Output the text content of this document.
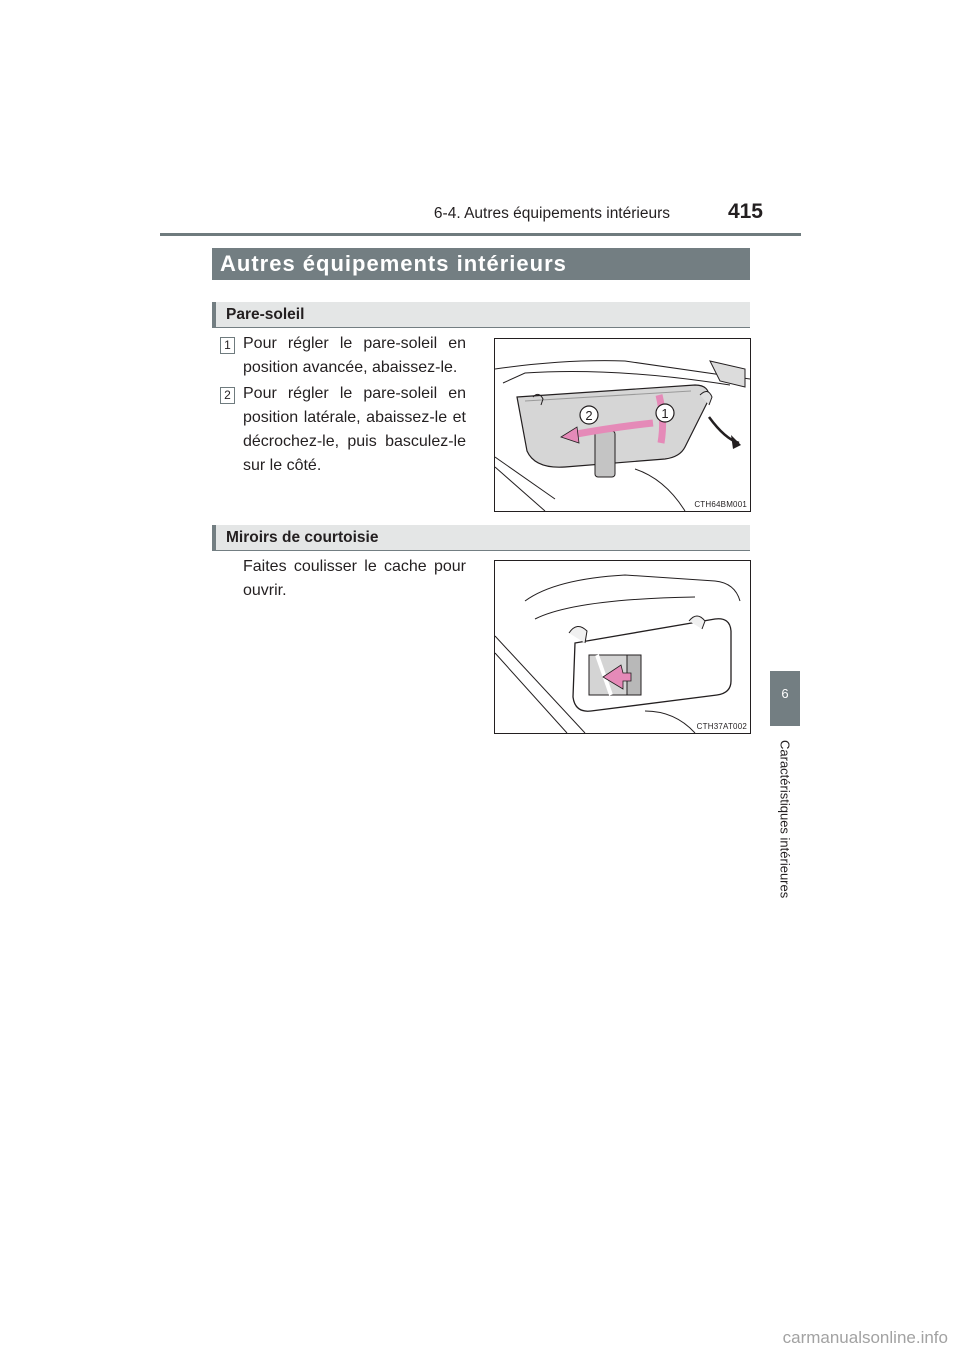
6-4. Autres équipements intérieurs	415
Autres équipements intérieurs
Pare-soleil
1 Pour régler le pare-soleil en position avancée, abaissez-le.
2 Pour régler le pare-soleil en position latérale, abaissez-le et décrochez-le, puis basculez-le sur le côté.
2	1
CTH64BM001
Miroirs de courtoisie
Faites coulisser le cache pour ouvrir.
CTH37AT002
6
Caractéristiques intérieures
carmanualsonline.info
